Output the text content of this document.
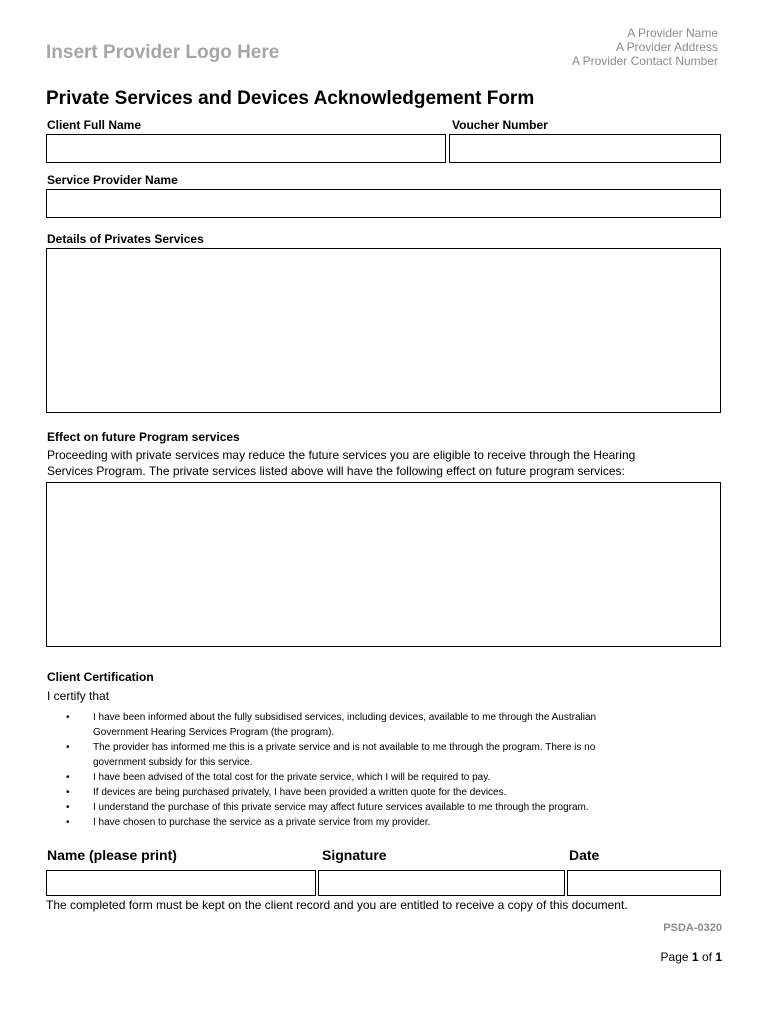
Insert Provider Logo Here
A Provider Name
A Provider Address
A Provider Contact Number
Private Services and Devices Acknowledgement Form
Client Full Name	Voucher Number
Service Provider Name
Details of Privates Services
Effect on future Program services
Proceeding with private services may reduce the future services you are eligible to receive through the Hearing
Services Program. The private services listed above will have the following effect on future program services:
Client Certification
I certify that
• I have been informed about the fully subsidised services, including devices, available to me through the Australian
Government Hearing Services Program (the program).
• The provider has informed me this is a private service and is not available to me through the program. There is no
government subsidy for this service.
• I have been advised of the total cost for the private service, which I will be required to pay.
• If devices are being purchased privately, I have been provided a written quote for the devices.
• I understand the purchase of this private service may affect future services available to me through the program.
• I have chosen to purchase the service as a private service from my provider.
Name (please print)	Signature	Date
The completed form must be kept on the client record and you are entitled to receive a copy of this document.
PSDA-0320
Page 1 of 1
